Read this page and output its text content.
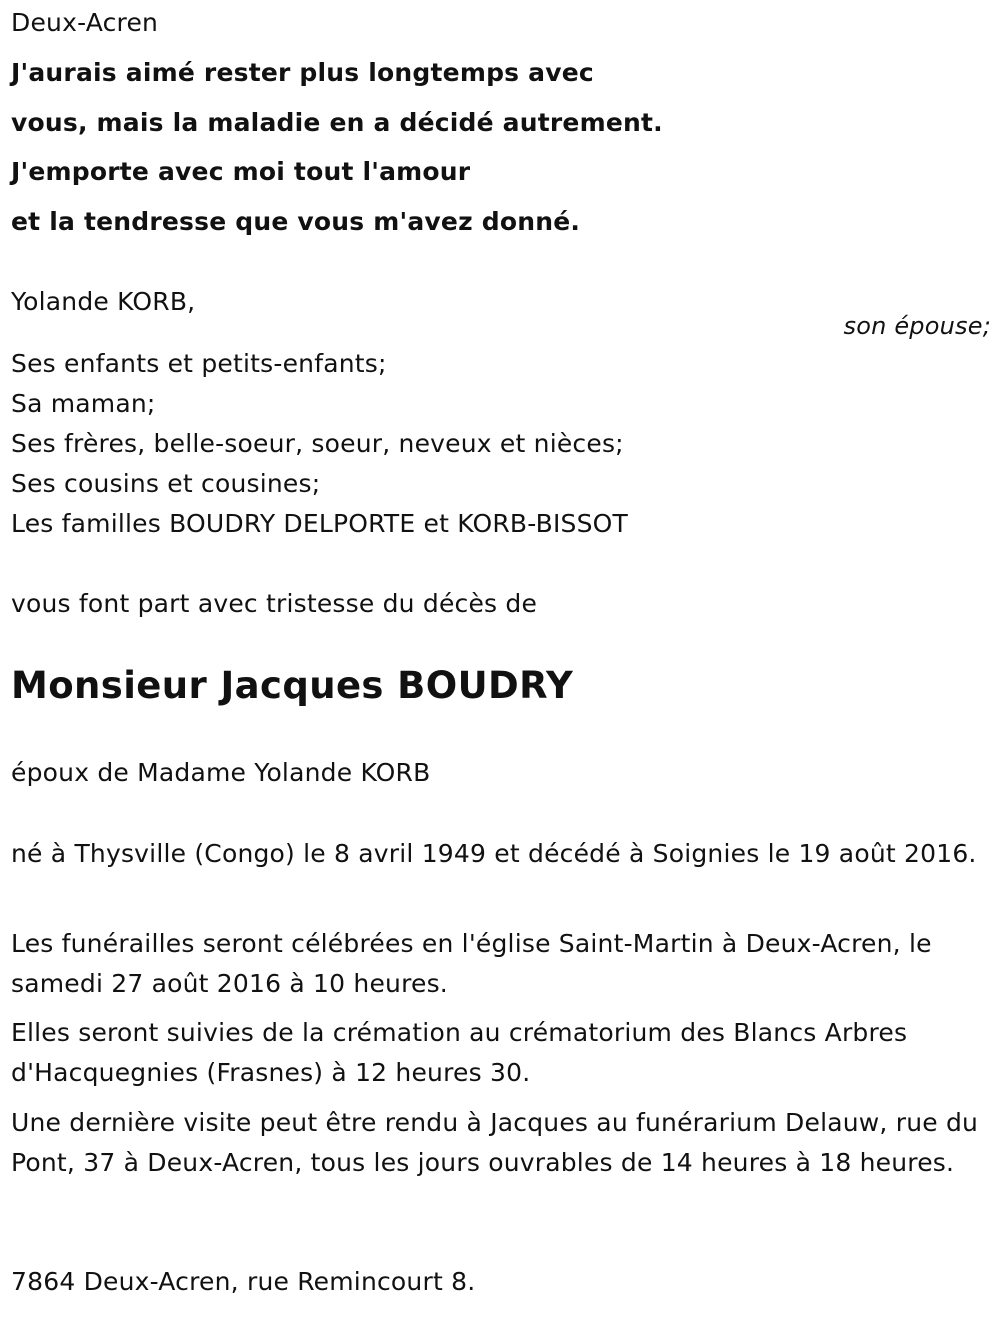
Deux-Acren
J'aurais aimé rester plus longtemps avec
vous, mais la maladie en a décidé autrement.
J'emporte avec moi tout l'amour
et la tendresse que vous m'avez donné.
Yolande KORB,
son épouse;
Ses enfants et petits-enfants;
Sa maman;
Ses frères, belle-soeur, soeur, neveux et nièces;
Ses cousins et cousines;
Les familles BOUDRY DELPORTE et KORB-BISSOT
vous font part avec tristesse du décès de
Monsieur Jacques BOUDRY
époux de Madame Yolande KORB
né à Thysville (Congo) le 8 avril 1949 et décédé à Soignies le 19 août 2016.
Les funérailles seront célébrées en l'église Saint-Martin à Deux-Acren, le samedi 27 août 2016 à 10 heures.
Elles seront suivies de la crémation au crématorium des Blancs Arbres d'Hacquegnies (Frasnes) à 12 heures 30.
Une dernière visite peut être rendu à Jacques au funérarium Delauw, rue du Pont, 37 à Deux-Acren, tous les jours ouvrables de 14 heures à 18 heures.
7864 Deux-Acren, rue Remincourt 8.
